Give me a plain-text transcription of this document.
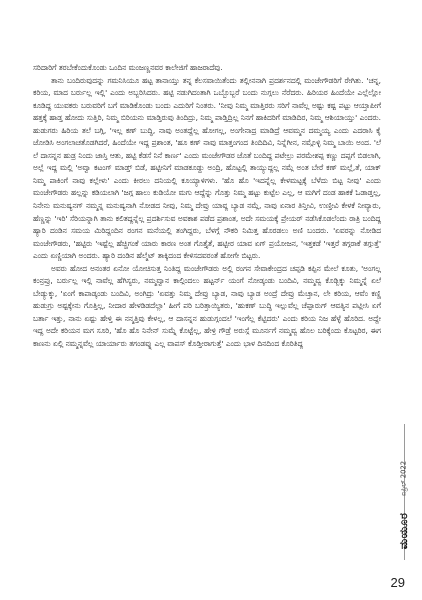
ಸರಿದಾರಿಗೆ ತರಬೇಕೆಂದುಕೊಂಡು ಒಂದಿನ ಮಂಜಣ್ಣನವರ ಕಾಲೇಜಿಗೆ ಹಾಜರಾದೆವು.

ತಾನು ಬಂದಿರುವುದನ್ನು ಗಮನಿಸಿಯೂ ಹಟ್ಟ ತಾನಾಯ್ತು ತನ್ನ ಕೆಲಸವಾಯಿತೆಂದು ತಲ್ಲೀನನಾಗಿ ಪ್ರದರ್ಶನದಲ್ಲಿ ಮಂಜೇಗೌಡರಿಗೆ ರೇಗಿತು. 'ಚನ್ನ, ಕರಿಯ, ಮಾದ ಬರ್ರುಲ್ಲ ಇಲ್ಲಿ' ಎಂದು ಅಬ್ಬರಿಸಿದರು. ಹಟ್ಟಿ ನಡುಗಿದಂತಾಗಿ ಒಬ್ಬೊಬ್ಬರೆ ಬಂದು ನುಗ್ಗಲು ನೆರೆದರು. ಹಿರಿಯರ ಹಿಂದೆಯೇ ಎಲ್ಲೆಲ್ಲೋ ಕೂಡಿದ್ದ ಯುವಕರು ಬರುವರಿಗೆ ಬಗೆ ಮಾಡಿಕೊಂಡು ಬಂದು ಎದುರಿಗೆ ನಿಂತರು. 'ನೀವು ನಿಮ್ಮ ಮಾತ್ತಿರರು ಸರಿಗೆ ನಾವೆಲ್ಲ ಅಷ್ಟು ಕಷ್ಟ ಪಟ್ಟು ಆಯ್ತಾಪೀಗೆ ಹತ್ತಕ್ಕೆ ಹಾಡ್ತ ಹೋದು ಸುತ್ತಿರಿ, ನಿಮ್ಮ ಬಿರಿಯನು ಮಾಡ್ತಿರುವು ತಿಂದಿದ್ರು, ನಿಮ್ಮ ಪಾಡ್ತಿದ್ರಿಲ್ಲ ನಿನಗೆ ಹಾಕಿದರಿಗೆ ಮಾಡಿದಿರ, ನಿಮ್ಮ ಆಶಿಯಾಯ್ತು' ಎಂದರು. ಹುಡುಗರು ಹಿರಿಯ ತಲೆ ಬಗ್ಗಿ, 'ಇಲ್ಲ ಕಣ್ ಬುದ್ಧಿ, ನಾವು ಅಂತದ್ದೆಲ್ಲ ಹೋಗಲ್ಲ, ಅಂಗೇನಾದ್ರ ಮಾಡಿದ್ರೆ ಆವಮ್ಮನ ದಮ್ಮಯ್ಯ ಎಂದು ಎದರಾಸಿ ಕೈ ಜೋಡಿಸಿ ಅಂಗಲಾಚತೊಡಗಿದರೆ, ಹಿಂದೆಯೇ ಇದ್ದ ಪ್ರಶಾಂತ, 'ಹೂ ಕಣ್ ನಾವು ಮಾತ್ತಂಗಂದ ತಿಂದಿದಿವಿ, ನಿನ್ನೆಗೀನ, ನಮ್ಗೊಳ್ಳಿ ನಿಮ್ಮ ಬಾಯಿ ಅಂದ. 'ಲೆ ಲೆ ದಾಸನ್ನನ ಹುಡ್ರ ನಿಂದು ಜಾಸ್ತಿ ಆತು, ಹಟ್ಟಿ ಕೆಡಸೆ ನಿನೆ ಕಾರ್ಣ' ಎಂದು ಮಂಜೇಗೌಡರ ಜೊತೆ ಬಂದಿದ್ದ ಪಟೇಲ್ರು ಪರಮೇಶಪ್ಪ ಕಣ್ಣು ದಪ್ಪಗೆ ಬಿಡಲಾಗಿ, ಅಲ್ಲೆ ಇದ್ದ ಮಲ್ಲಿ 'ಅವ್ವಾ ಕಟಂಗ್ ಮಾಡ್ತ್ ಬಿಡೆ, ಹಟ್ಟೀನಿಗೆ ಮಾಡಕೂಡ್ದು ಅಂದ್ರಿ, ಹೊಟ್ಟಲ್ಲಿ ತಾಯ್ಯುದ್ದಲ್ಲ ನಮ್ಗೆ ಅಂತ ಬೇರೆ ಕಣ್ ಮಲ್ಲೆ,ತೆ, ಯಾಕ್ ನಿಮ್ಮ ಪಾಕಿಂಗೆ ನಾವು ಕಲ್ಲೇಳು' ಎಂದು ಕೀರಲು ದನಿಯಲ್ಲಿ ಕೂಯ್ಯಾಳಿಗಳು. 'ಹೊ ಹೊ 'ಇದನ್ನೆಲ್ಲ ಕೇಳಮಟ್ಟಕ್ಕೆ ಬೆಳೆದು ಬಿಟ್ಟ ನೀವು' ಎಂದು ಮಂಜೇಗೌಡರು ಹಲ್ಲನ್ನು ಕಡಿಯಲಾಗಿ 'ಜಗ್ಗ ಹಾಲು ಕುಡಿಯೋ ಮಗು ಆದ್ದೆನ್ನು ಗೊತ್ತು ನಿಮ್ಮ ಹಟ್ಟು ಕುಟ್ಟೆಲ ಎಲ್ಲ, ಆ ಮಗಿಗೆ ದಂಡ ಹಾಕಕೆ ಓಡಾಡ್ತಲ್ಲ, ನಿನೇನು ಮನುಷ್ಯನಗ್ ನಮ್ಮನ್ನ ಮನುಷ್ಯನಾಗಿ ನೋಡದ ನೀವು, ನಿಮ್ಮ ದೇವ್ರು ಯಾವ್ದ ಬ್ಯಾಡ ನಮ್ಗೆ, ನಾವು ಏನಾರ ತಿನ್ತೀವಿ, ಉಣ್ತೀವಿ ಕೇಳಕೆ ನೀವ್ಯಾರು, ಹೆಣ್ಣನ್ನು 'ಇರಿ' ಸೆರಿಯನ್ನಾಗಿ ತಾನು ಕಲಿತದ್ದನ್ನೆಲ್ಲ ಪ್ರದರ್ಶಿಸುವ ಅವಕಾಶ ಪಡೆದ ಪ್ರಶಾಂತ, ಅದೇ ಸಮಯಕ್ಕೆ ಪ್ರೇಯರ್ ನಡೆಸಿಕೊಡಲೆಂದು ರಾತ್ರಿ ಬಂದಿದ್ದ ಹ್ಯಾರಿ ದಂಡಿನ ಸಮಯ ಮಿರಿದ್ದಂದಿನ ರಂಗನ ಮನೆಯಲ್ಲಿ ತಂಗಿದ್ದರು, ಬೆಳಗ್ಗೆ ನೌಕರಿ ನಿಮಿತ್ತ ಹೊರಡಲು ಅಣಿ ಬಂದರು. 'ಏವರನ್ನು ನೋಡಿದ ಮಂಜೇಗೌಡರು, 'ಹಟ್ಟಿರು 'ಇಷ್ಟೆಲ್ಲ ಹೆಚ್ಚಿಗಂಕೆ ಯಾರು ಕಾರಣ ಅಂತ ಗೊತ್ತೈತೆ, ಹಟ್ಟೀರ ಯಾವ ಏಗ್ ಪ್ರಯೋಜನ, 'ಇತ್ತಕಡೆ 'ಇತ್ತರೆ ತಗ್ಗರಾಕೆ ತಗ್ಗುತ್ತೆ' ಎಂದು ಏಣ್ಣಿಯಾಗಿ ಅಂದರು. ಹ್ಯಾರಿ ದಂಡಿನ ಹೆಲ್ಮೆಟ್ ತಾಕ್ಕಿದಂದ ಕೇಳಿಸದವರಂತೆ ಹೋಗೇ ಬಿಟ್ಟರು.

ಅವರು ಹೋದ ಅನಂತರ ಏನೋ ಯೋಚಿಸುತ್ತ ನಿಂತಿದ್ದ ಮಂಜೇಗೌಡರು ಅಲ್ಲಿ ರಂಗನ ಸೇವಾಕೇಂದ್ರದ ಚಪ್ಪಡಿ ಕಪ್ಪಿನ ಮೇಲೆ ಕೂತು, 'ಅಂಗಲ್ಲ ಕಂನ್ರಪ್ರು, ಬರ್ರುಲ್ಲ ಇಲ್ಲಿ ನಾವೆಲ್ಲ ಹೆಗಿಸ್ಯರು, ನಮ್ಮವ್ವಾನ ಕಾಲ್ಗಿಂದಲು ಹಟ್ಟರ್ನ್ ಯಂಗೆ ನೋಡ್ಕಂಡು ಬಂದಿವಿ, ನಮ್ಮವ್ವ ಕೊಡ್ಬಿಕ್ಕು ನಿಮ್ಮನ್ನೆ ಏಲೆ ಬೇಡ್ಯುಕ್ಕು, 'ಏಂಗೆ ಕಾಪಾಡ್ಕಂಡು ಬಂದಿವಿ, ಅಂಗಿದ್ರು 'ಏವತ್ತು ನಿಮ್ಮ ದೇವ್ರು ಬ್ಯಾಡ, ನಾವು ಬ್ಯಾಡ ಅಂದ್ರೆ ದೇವ್ರು ಮೆಚ್ತಾನ, ಲೇ ಕರಿಯ, ಆವೆಂ ಕಣ್ಣಿ ಹುಡುಗ್ರು ಅಷ್ಟಕ್ಕೇನು ಗೊತ್ತಿಲ್ಲ, ನೀದಾರ ಹೇಳಡಿಡದೆಲ್ಲಾ' ಹೀಗೆ ಪರಿ ಬರಿತ್ತಾಯ್ಯಿತರು, 'ಹುಕಣ್ ಬುದ್ಧಿ ಇಲ್ಲುವೆಲ್ಲ ಚೆಪ್ಪಾರುಗ್ ಆವತ್ಯಿನ ಪಟ್ಲೀಸಿ ಏಗೆ ಬರ್ತಾ ಇತ್ತು, ನಾನು ಏಷ್ಟು ಹೇಳ್ತಿ ಈ ನನ್ಮತ್ತಿವು ಕೇಳಲ್ಲ, ಆ ದಾಸನ್ನನ ಹುಡುಗ್ಗಂದಲೆ 'ಇಂಗೆಲ್ಲ ಕೆಟ್ಟಿದರು' ಎಂದು ಕರಿಯ ನಿಜ ಹೆಳ್ಳೆ ಹೊರಿದ. ಅದ್ದೇ ಇದ್ದ ಅದೇ ಕರಿಯನ ಮಗ ಸೂರಿ, 'ಹೊ ಹೊ ನಿನೇನ್ ಸುಮ್ನೆ ಕೊಟ್ಟೆಲ್ಲ, ಹೇಳ್ರಿ ಗೌಡ್ರೆ ಅರುಸ್ಗೆ ಮೂರ್ನಗೆ ನಮ್ಮವ್ವ ಹೊಲ ಬರಿಕ್ಕೆಂದು ಕೊಟ್ಟರಿರ, ಈಗ ಕಾಣನು ಏಲ್ಲಿ ನಮ್ಮನ್ನವೆಲ್ಲ ಯಾರ್ಯಾರು ತಗಂಡವ್ನು ಎಲ್ಲ ವಾಪಸ್ ಕೊಡ್ತೀರಾಗುತ್ತೆ' ಎಂದು ಭಾಳ ದಿನದಿಂದ ಕೊರಿತಿದ್ದ

ಏಪ್ರಿಲ್ 2022
ಮಯೂರ
29
